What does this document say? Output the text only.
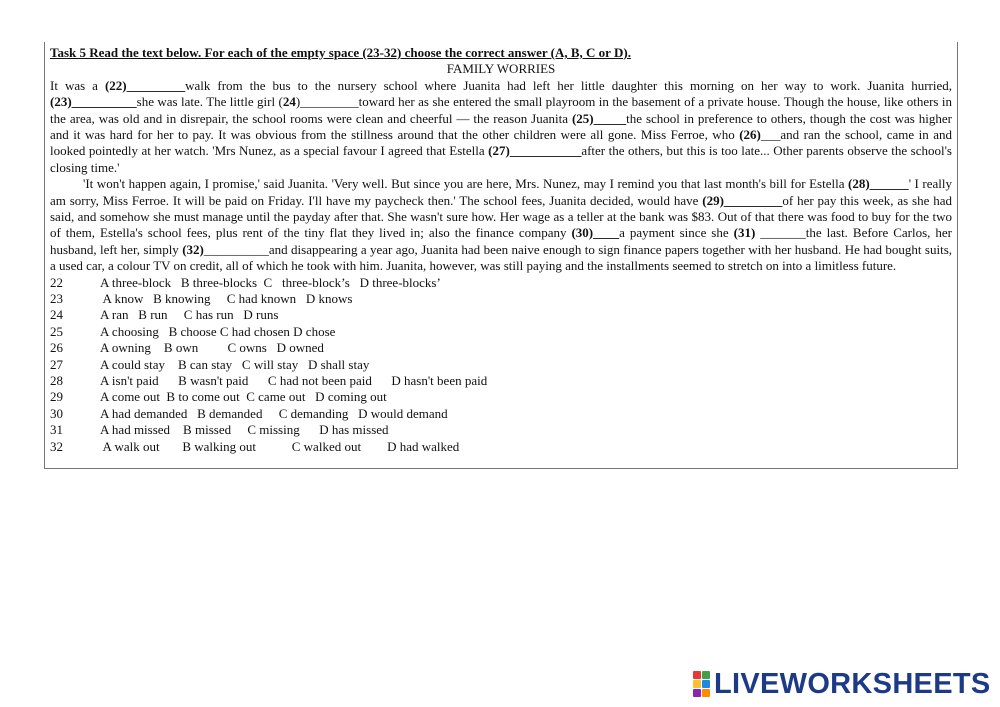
Task 5 Read the text below. For each of the empty space (23-32) choose the correct answer (A, B, C or D).
FAMILY WORRIES
It was a (22)_________walk from the bus to the nursery school where Juanita had left her little daughter this morning on her way to work. Juanita hurried, (23)__________she was late. The little girl (24)_________toward her as she entered the small playroom in the basement of a private house. Though the house, like others in the area, was old and in disrepair, the school rooms were clean and cheerful — the reason Juanita (25)_____the school in preference to others, though the cost was higher and it was hard for her to pay. It was obvious from the stillness around that the other children were all gone. Miss Ferroe, who (26)___and ran the school, came in and looked pointedly at her watch. 'Mrs Nunez, as a special favour I agreed that Estella (27)___________after the others, but this is too late... Other parents observe the school's closing time.'
'It won't happen again, I promise,' said Juanita. 'Very well. But since you are here, Mrs. Nunez, may I remind you that last month's bill for Estella (28)______' I really am sorry, Miss Ferroe. It will be paid on Friday. I'll have my paycheck then.' The school fees, Juanita decided, would have (29)_________of her pay this week, as she had said, and somehow she must manage until the payday after that. She wasn't sure how. Her wage as a teller at the bank was $83. Out of that there was food to buy for the two of them, Estella's school fees, plus rent of the tiny flat they lived in; also the finance company (30)____a payment since she (31) _______the last. Before Carlos, her husband, left her, simply (32)__________and disappearing a year ago, Juanita had been naive enough to sign finance papers together with her husband. He had bought suits, a used car, a colour TV on credit, all of which he took with him. Juanita, however, was still paying and the installments seemed to stretch on into a limitless future.
22	A three-block   B three-blocks  C   three-block’s   D three-blocks’
23	A know   B knowing     C had known   D knows
24	A ran   B run     C has run   D runs
25	A choosing   B choose C had chosen D chose
26	A owning    B own         C owns   D owned
27	A could stay    B can stay   C will stay   D shall stay
28	A isn't paid      B wasn't paid      C had not been paid      D hasn't been paid
29	A come out  B to come out  C came out   D coming out
30	A had demanded   B demanded     C demanding   D would demand
31	A had missed    B missed     C missing      D has missed
32	A walk out       B walking out           C walked out        D had walked
LIVEWORKSHEETS
